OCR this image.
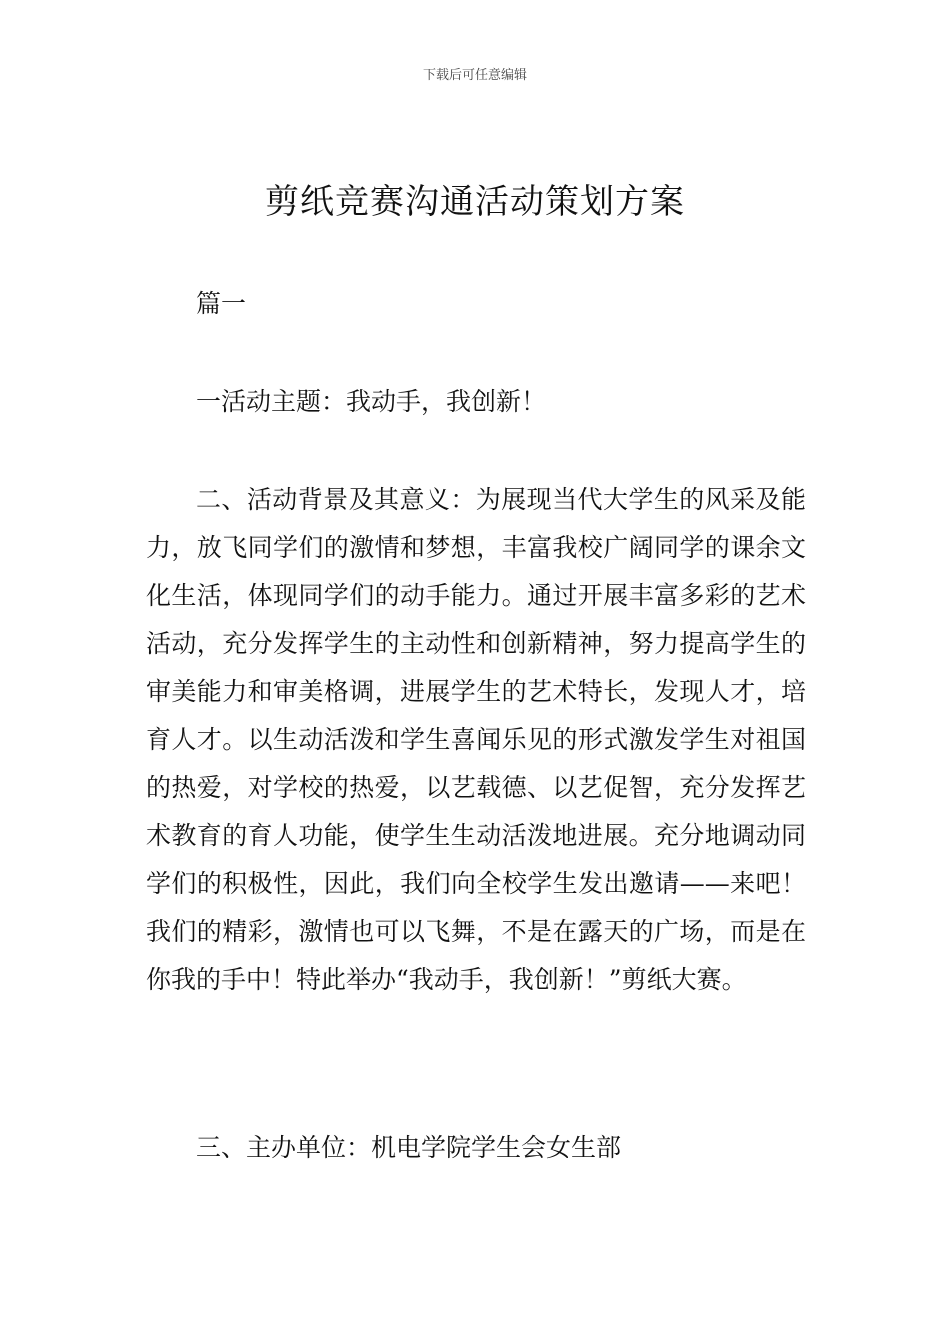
下载后可任意编辑
剪纸竞赛沟通活动策划方案
篇一
一活动主题：我动手，我创新！

二、活动背景及其意义：为展现当代大学生的风采及能力，放飞同学们的激情和梦想，丰富我校广阔同学的课余文化生活，体现同学们的动手能力。通过开展丰富多彩的艺术活动，充分发挥学生的主动性和创新精神，努力提高学生的审美能力和审美格调，进展学生的艺术特长，发现人才，培育人才。以生动活泼和学生喜闻乐见的形式激发学生对祖国的热爱，对学校的热爱，以艺载德、以艺促智，充分发挥艺术教育的育人功能，使学生生动活泼地进展。充分地调动同学们的积极性，因此，我们向全校学生发出邀请——来吧！我们的精彩，激情也可以飞舞，不是在露天的广场，而是在你我的手中！特此举办“我动手，我创新！”剪纸大赛。

三、主办单位：机电学院学生会女生部
